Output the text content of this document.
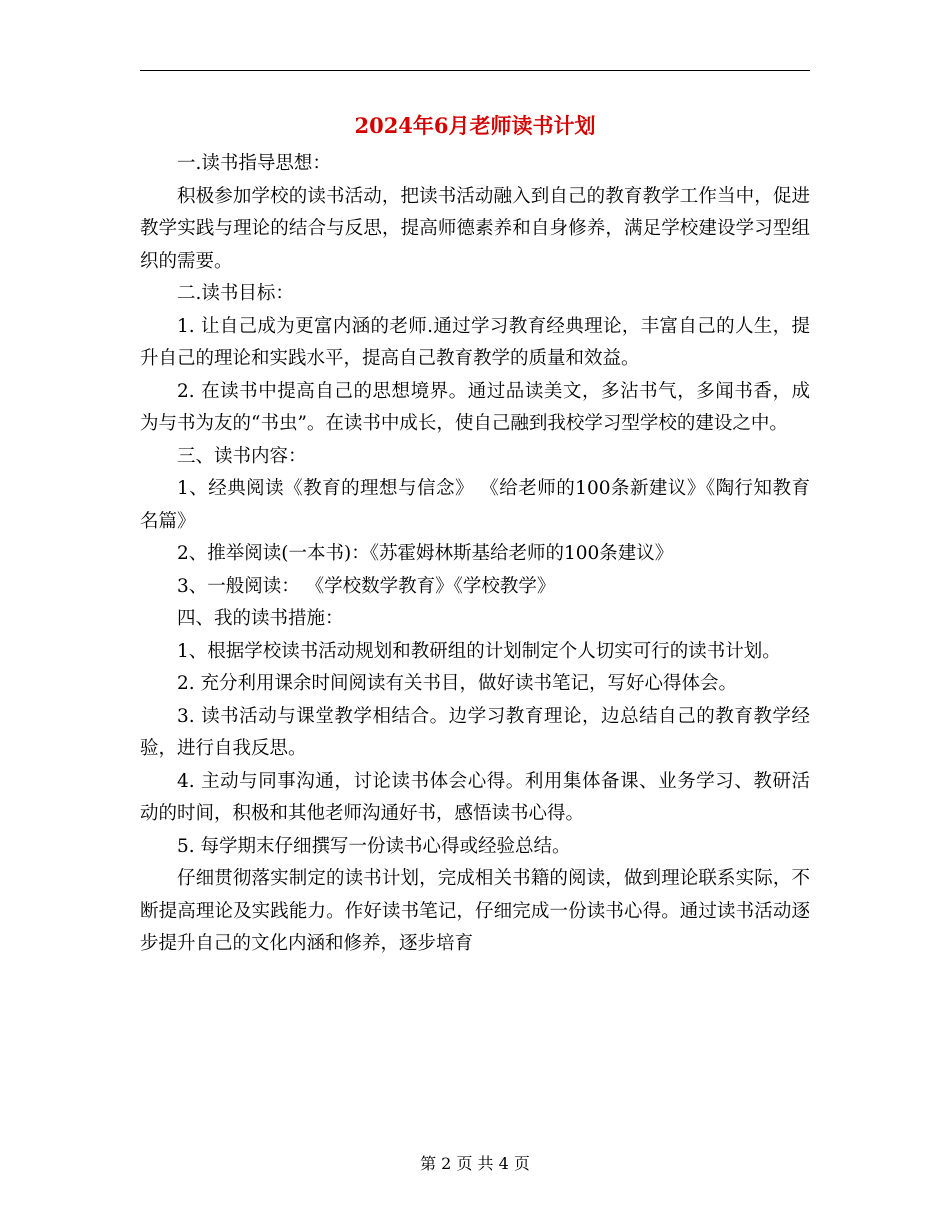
2024年6月老师读书计划

一.读书指导思想：

积极参加学校的读书活动，把读书活动融入到自己的教育教学工作当中，促进教学实践与理论的结合与反思，提高师德素养和自身修养，满足学校建设学习型组织的需要。

二.读书目标：

1. 让自己成为更富内涵的老师.通过学习教育经典理论，丰富自己的人生，提升自己的理论和实践水平，提高自己教育教学的质量和效益。

2. 在读书中提高自己的思想境界。通过品读美文，多沾书气，多闻书香，成为与书为友的“书虫”。在读书中成长，使自己融到我校学习型学校的建设之中。

三、读书内容：

1、经典阅读《教育的理想与信念》 《给老师的100条新建议》《陶行知教育名篇》

2、推举阅读(一本书)：《苏霍姆林斯基给老师的100条建议》

3、一般阅读： 《学校数学教育》《学校教学》

四、我的读书措施：

1、根据学校读书活动规划和教研组的计划制定个人切实可行的读书计划。

2. 充分利用课余时间阅读有关书目，做好读书笔记，写好心得体会。

3. 读书活动与课堂教学相结合。边学习教育理论，边总结自己的教育教学经验，进行自我反思。

4. 主动与同事沟通，讨论读书体会心得。利用集体备课、业务学习、教研活动的时间，积极和其他老师沟通好书，感悟读书心得。

5. 每学期末仔细撰写一份读书心得或经验总结。

仔细贯彻落实制定的读书计划，完成相关书籍的阅读，做到理论联系实际，不断提高理论及实践能力。作好读书笔记，仔细完成一份读书心得。通过读书活动逐步提升自己的文化内涵和修养，逐步培育

第 2 页 共 4 页
